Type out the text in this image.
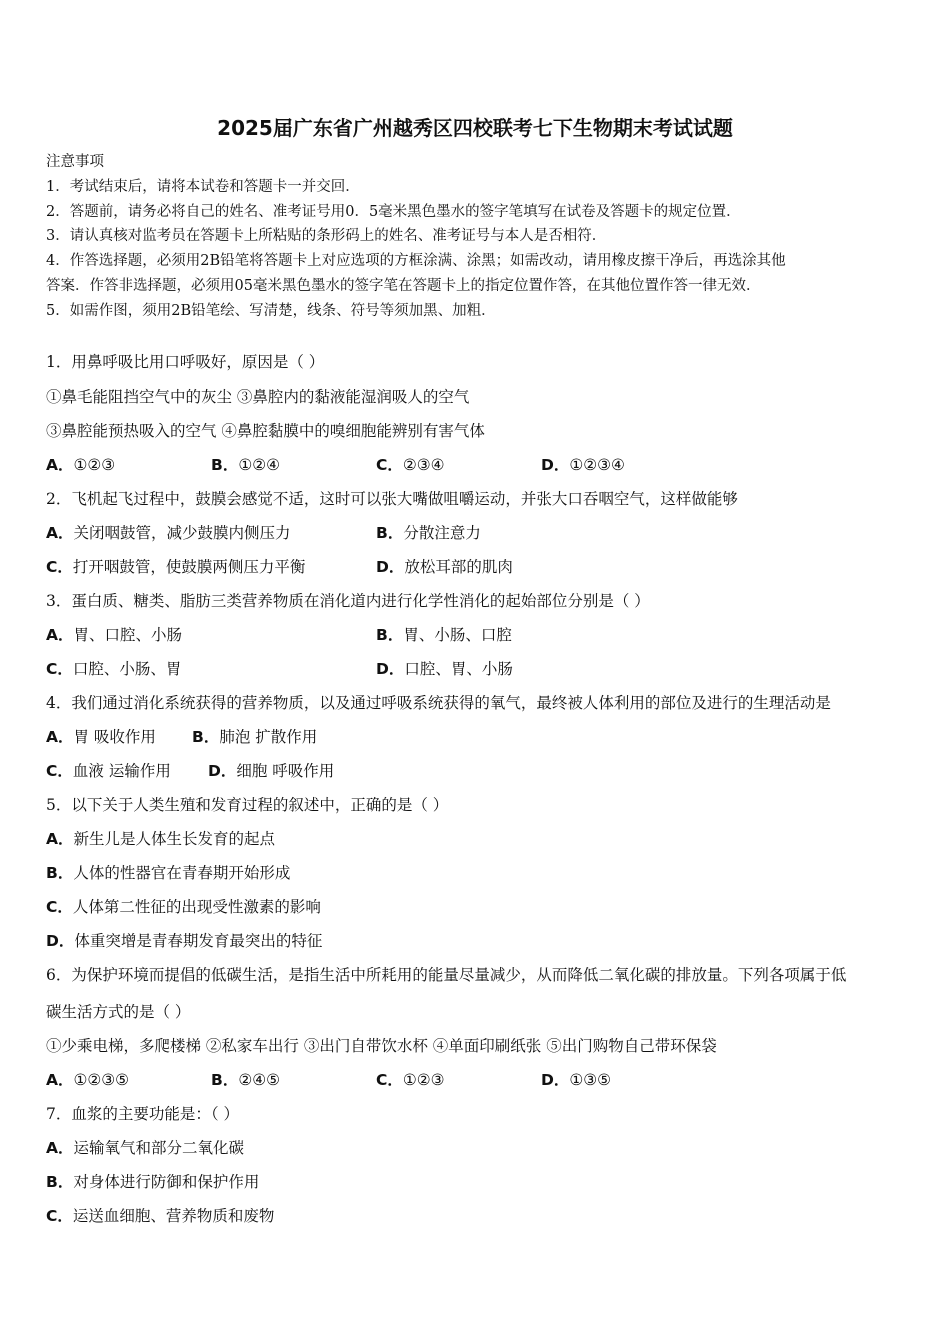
2025届广东省广州越秀区四校联考七下生物期末考试试题
注意事项
1．考试结束后，请将本试卷和答题卡一并交回．
2．答题前，请务必将自己的姓名、准考证号用0．5毫米黑色墨水的签字笔填写在试卷及答题卡的规定位置．
3．请认真核对监考员在答题卡上所粘贴的条形码上的姓名、准考证号与本人是否相符．
4．作答选择题，必须用2B铅笔将答题卡上对应选项的方框涂满、涂黑；如需改动，请用橡皮擦干净后，再选涂其他
答案．作答非选择题，必须用05毫米黑色墨水的签字笔在答题卡上的指定位置作答，在其他位置作答一律无效．
5．如需作图，须用2B铅笔绘、写清楚，线条、符号等须加黑、加粗．
1．用鼻呼吸比用口呼吸好，原因是（ ）
①鼻毛能阻挡空气中的灰尘 ③鼻腔内的黏液能湿润吸人的空气
③鼻腔能预热吸入的空气 ④鼻腔黏膜中的嗅细胞能辨别有害气体
A．①②③	B．①②④	C．②③④	D．①②③④
2．飞机起飞过程中，鼓膜会感觉不适，这时可以张大嘴做咀嚼运动，并张大口吞咽空气，这样做能够
A．关闭咽鼓管，减少鼓膜内侧压力	B．分散注意力
C．打开咽鼓管，使鼓膜两侧压力平衡	D．放松耳部的肌肉
3．蛋白质、糖类、脂肪三类营养物质在消化道内进行化学性消化的起始部位分别是（ ）
A．胃、口腔、小肠	B．胃、小肠、口腔
C．口腔、小肠、胃	D．口腔、胃、小肠
4．我们通过消化系统获得的营养物质，以及通过呼吸系统获得的氧气，最终被人体利用的部位及进行的生理活动是
A．胃 吸收作用 B．肺泡 扩散作用
C．血液 运输作用 D．细胞 呼吸作用
5．以下关于人类生殖和发育过程的叙述中，正确的是（ ）
A．新生儿是人体生长发育的起点
B．人体的性器官在青春期开始形成
C．人体第二性征的出现受性激素的影响
D．体重突增是青春期发育最突出的特征
6．为保护环境而提倡的低碳生活，是指生活中所耗用的能量尽量减少，从而降低二氧化碳的排放量。下列各项属于低
碳生活方式的是（ ）
①少乘电梯，多爬楼梯 ②私家车出行 ③出门自带饮水杯 ④单面印刷纸张 ⑤出门购物自己带环保袋
A．①②③⑤	B．②④⑤	C．①②③	D．①③⑤
7．血浆的主要功能是：（ ）
A．运输氧气和部分二氧化碳
B．对身体进行防御和保护作用
C．运送血细胞、营养物质和废物
